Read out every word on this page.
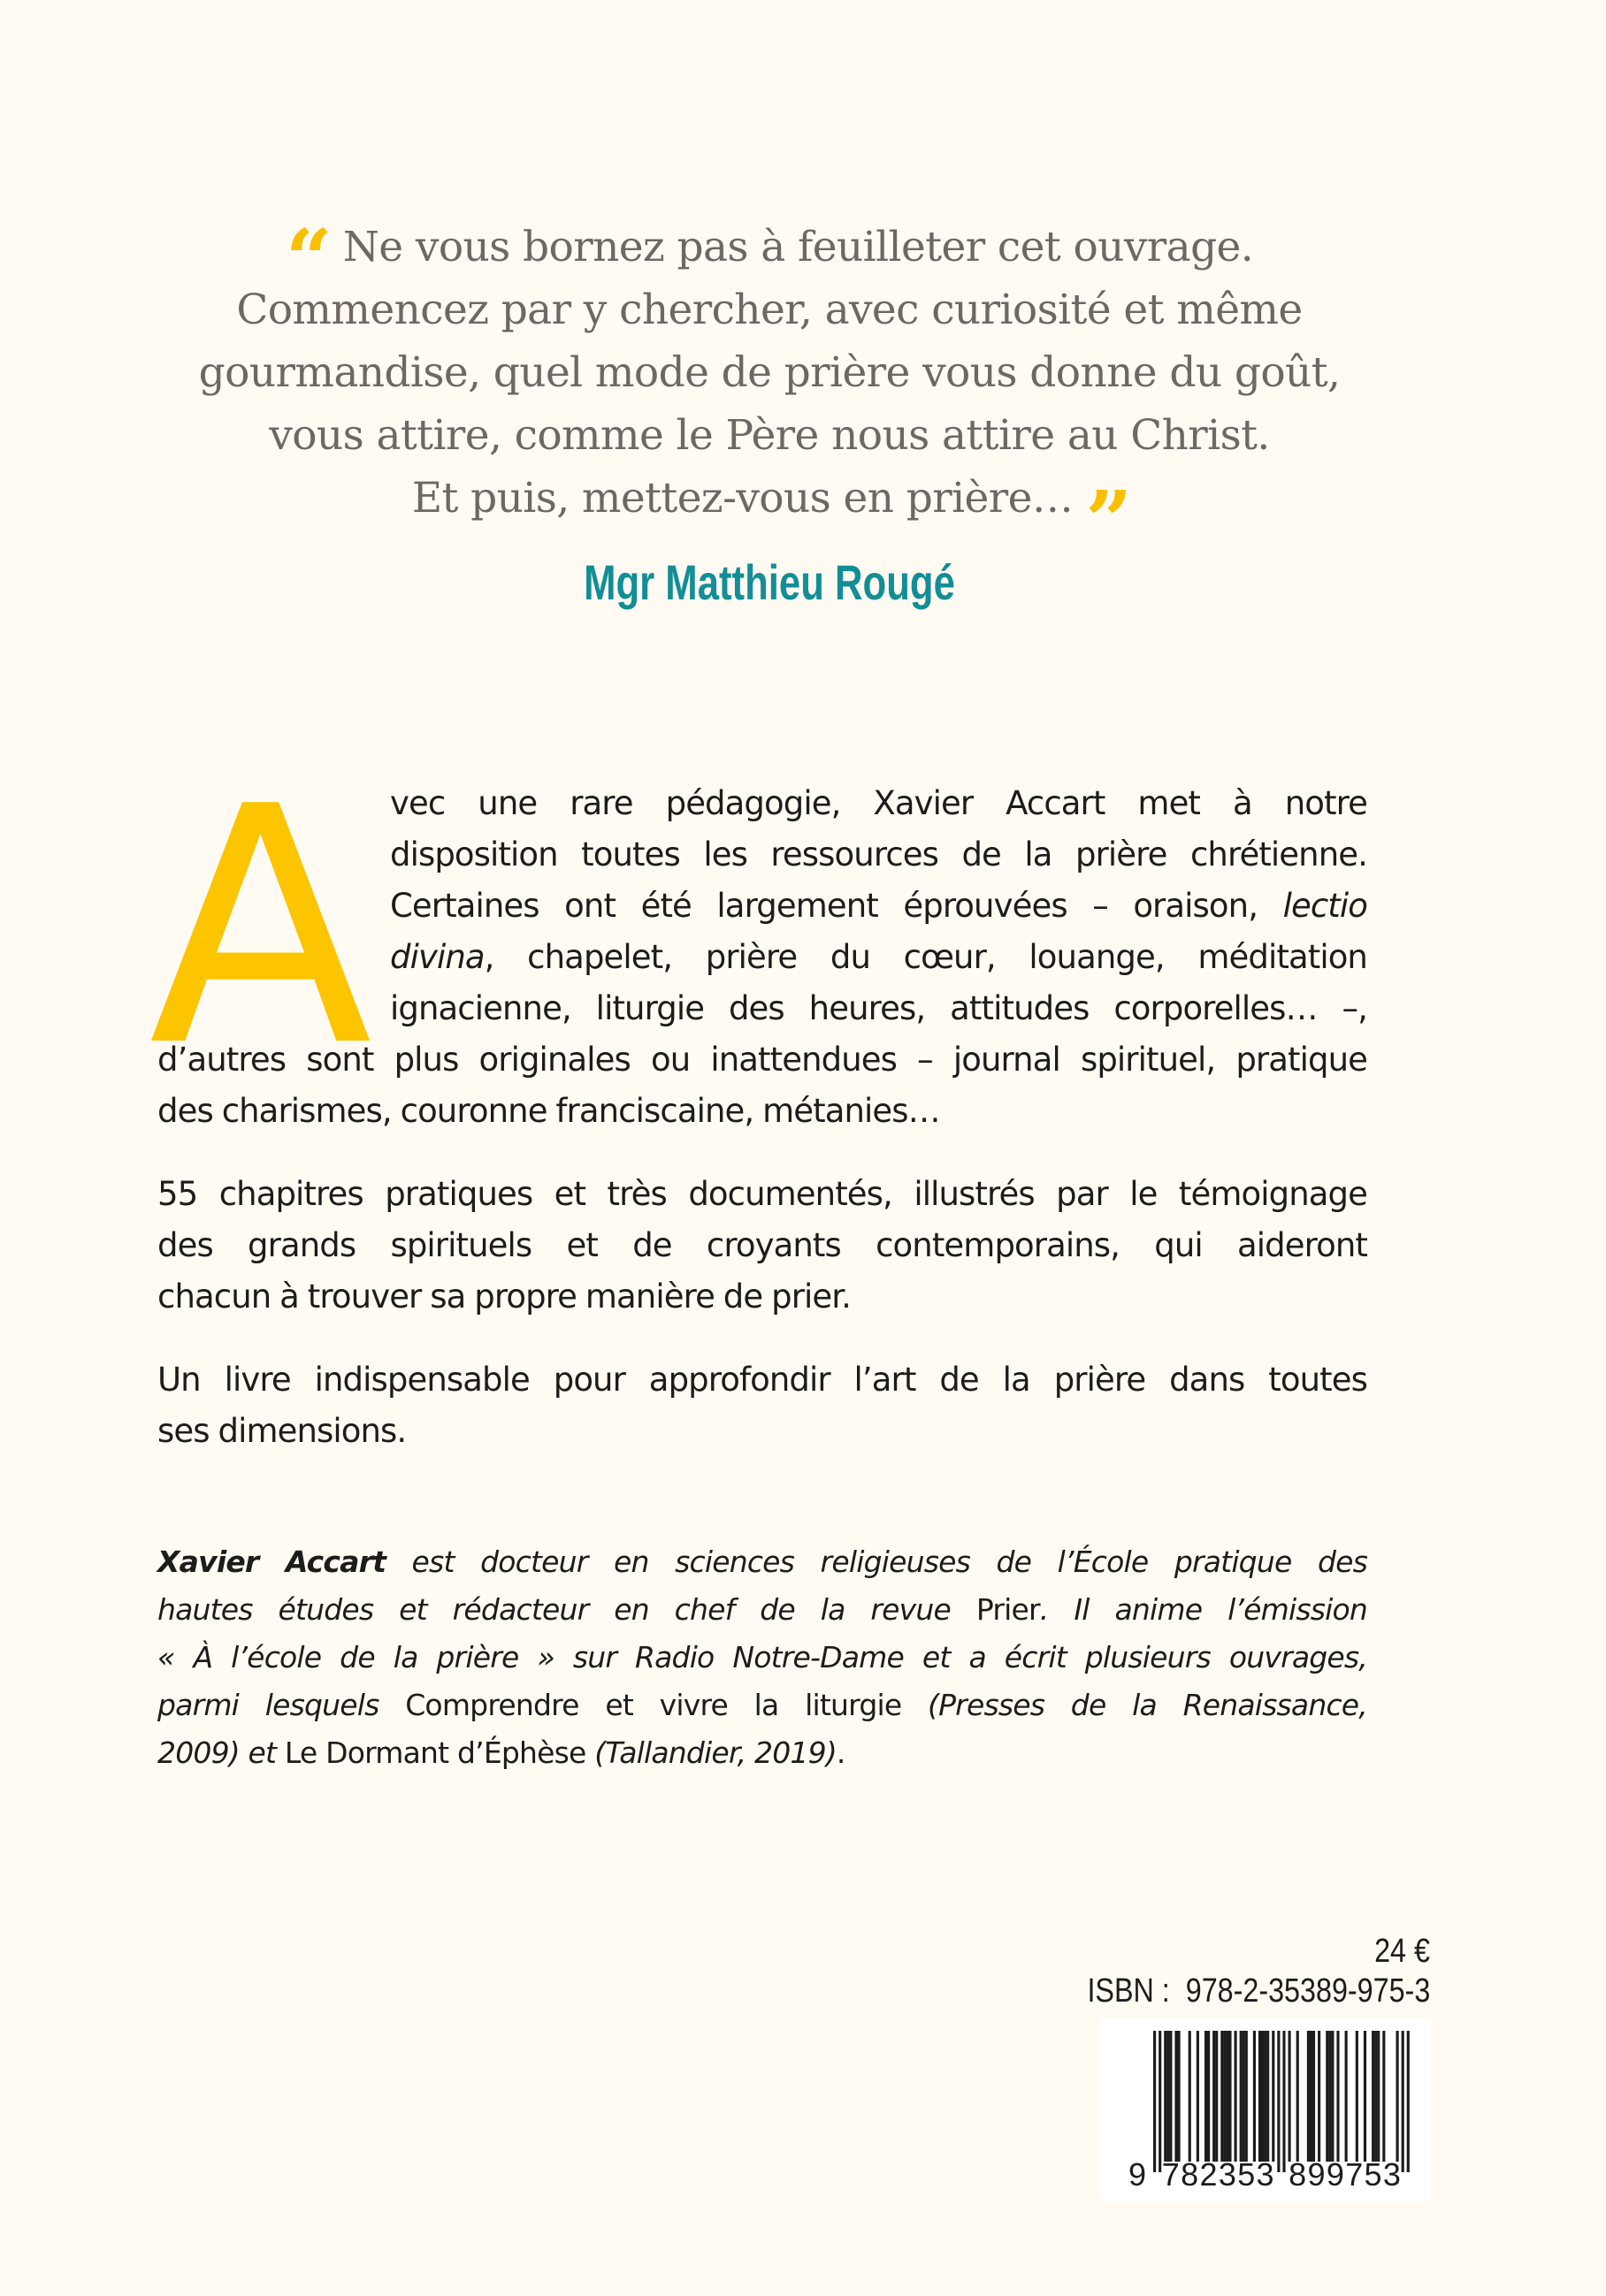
“ Ne vous bornez pas à feuilleter cet ouvrage.
Commencez par y chercher, avec curiosité et même
gourmandise, quel mode de prière vous donne du goût,
vous attire, comme le Père nous attire au Christ.
Et puis, mettez-vous en prière… ”
Mgr Matthieu Rougé
A vec une rare pédagogie, Xavier Accart met à notre
disposition toutes les ressources de la prière chrétienne.
Certaines ont été largement éprouvées – oraison, lectio
divina, chapelet, prière du cœur, louange, méditation
ignacienne, liturgie des heures, attitudes corporelles… –,
d’autres sont plus originales ou inattendues – journal spirituel, pratique
des charismes, couronne franciscaine, métanies…
55 chapitres pratiques et très documentés, illustrés par le témoignage
des grands spirituels et de croyants contemporains, qui aideront
chacun à trouver sa propre manière de prier.
Un livre indispensable pour approfondir l’art de la prière dans toutes
ses dimensions.
Xavier Accart est docteur en sciences religieuses de l’École pratique des
hautes études et rédacteur en chef de la revue Prier. Il anime l’émission
« À l’école de la prière » sur Radio Notre-Dame et a écrit plusieurs ouvrages,
parmi lesquels Comprendre et vivre la liturgie (Presses de la Renaissance,
2009) et Le Dormant d’Éphèse (Tallandier, 2019).
24 €
ISBN :  978-2-35389-975-3
9 7 8 2 3 5 3 8 9 9 7 5 3
